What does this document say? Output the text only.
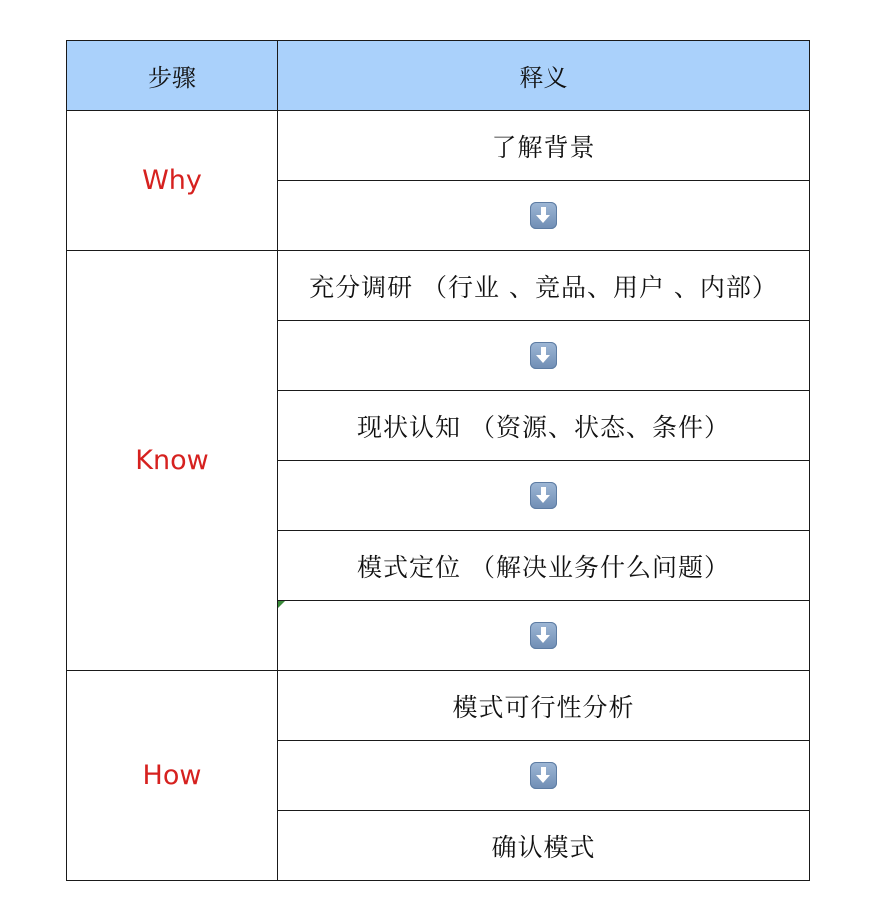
步骤	释义
Why	了解背景

Know	充分调研 （行业 、竞品、用户 、内部）

	现状认知 （资源、状态、条件）

	模式定位 （解决业务什么问题）

How	模式可行性分析

	确认模式
